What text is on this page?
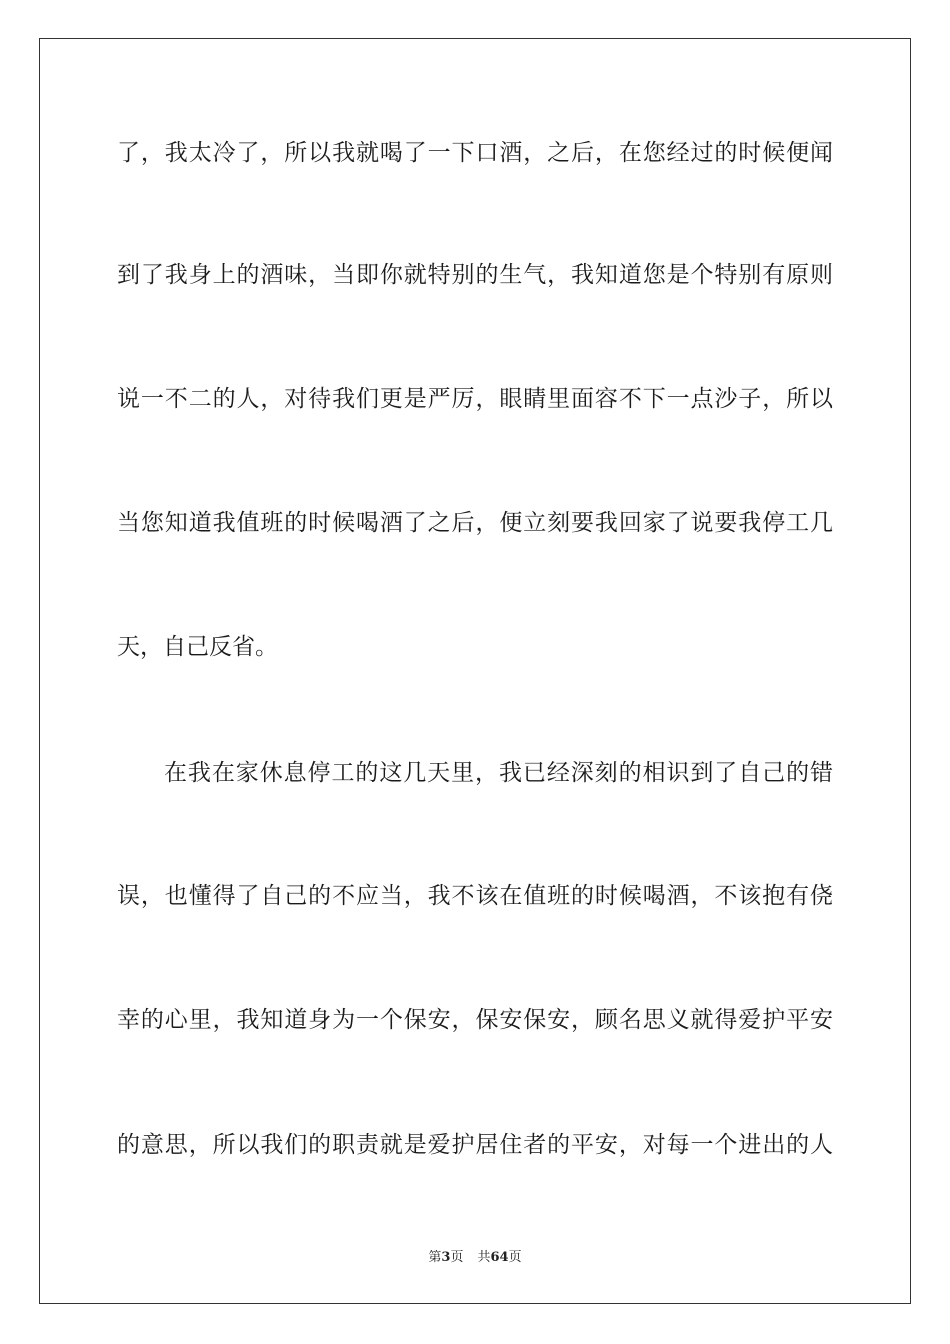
了，我太冷了，所以我就喝了一下口酒，之后，在您经过的时候便闻
到了我身上的酒味，当即你就特别的生气，我知道您是个特别有原则
说一不二的人，对待我们更是严厉，眼睛里面容不下一点沙子，所以
当您知道我值班的时候喝酒了之后，便立刻要我回家了说要我停工几
天，自己反省。
在我在家休息停工的这几天里，我已经深刻的相识到了自己的错
误，也懂得了自己的不应当，我不该在值班的时候喝酒，不该抱有侥
幸的心里，我知道身为一个保安，保安保安，顾名思义就得爱护平安
的意思，所以我们的职责就是爱护居住者的平安，对每一个进出的人
第3页 共64页
